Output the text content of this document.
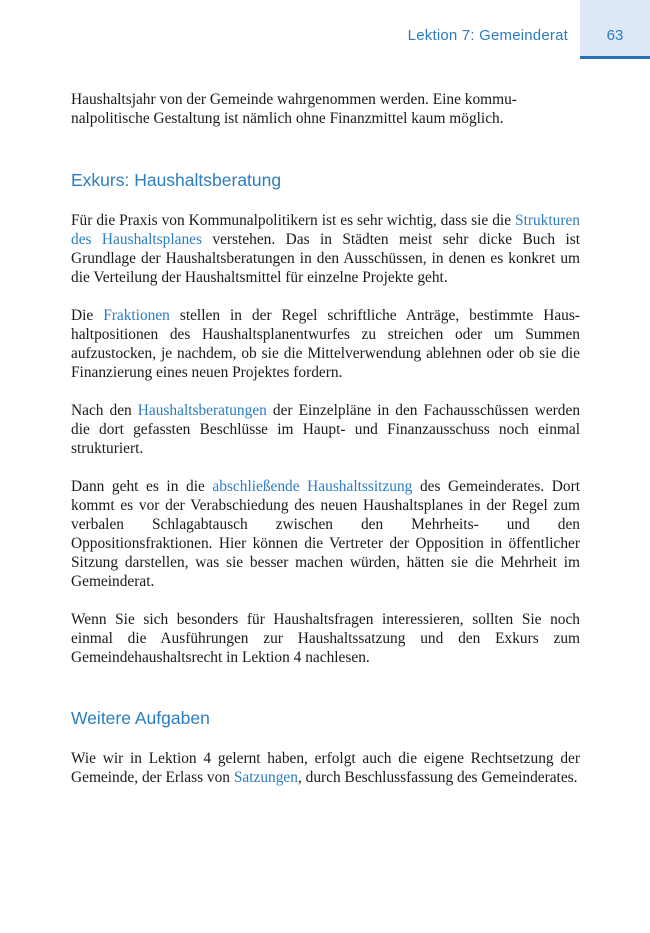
Lektion 7: Gemeinderat	63

Haushaltsjahr von der Gemeinde wahrgenommen werden. Eine kommu-
nalpolitische Gestaltung ist nämlich ohne Finanzmittel kaum möglich.

Exkurs: Haushaltsberatung

Für die Praxis von Kommunalpolitikern ist es sehr wichtig, dass sie die Strukturen des Haushaltsplanes verstehen. Das in Städten meist sehr dicke Buch ist Grundlage der Haushaltsberatungen in den Ausschüssen, in denen es konkret um die Verteilung der Haushaltsmittel für einzelne Projekte geht.

Die Fraktionen stellen in der Regel schriftliche Anträge, bestimmte Haushaltpositionen des Haushaltsplanentwurfes zu streichen oder um Summen aufzustocken, je nachdem, ob sie die Mittelverwendung ablehnen oder ob sie die Finanzierung eines neuen Projektes fordern.

Nach den Haushaltsberatungen der Einzelpläne in den Fachausschüssen werden die dort gefassten Beschlüsse im Haupt- und Finanzausschuss noch einmal strukturiert.

Dann geht es in die abschließende Haushaltssitzung des Gemeinderates. Dort kommt es vor der Verabschiedung des neuen Haushaltsplanes in der Regel zum verbalen Schlagabtausch zwischen den Mehrheits- und den Oppositionsfraktionen. Hier können die Vertreter der Opposition in öffentlicher Sitzung darstellen, was sie besser machen würden, hätten sie die Mehrheit im Gemeinderat.

Wenn Sie sich besonders für Haushaltsfragen interessieren, sollten Sie noch einmal die Ausführungen zur Haushaltssatzung und den Exkurs zum Gemeindehaushaltsrecht in Lektion 4 nachlesen.

Weitere Aufgaben

Wie wir in Lektion 4 gelernt haben, erfolgt auch die eigene Rechtsetzung der Gemeinde, der Erlass von Satzungen, durch Beschlussfassung des Gemeinderates.
